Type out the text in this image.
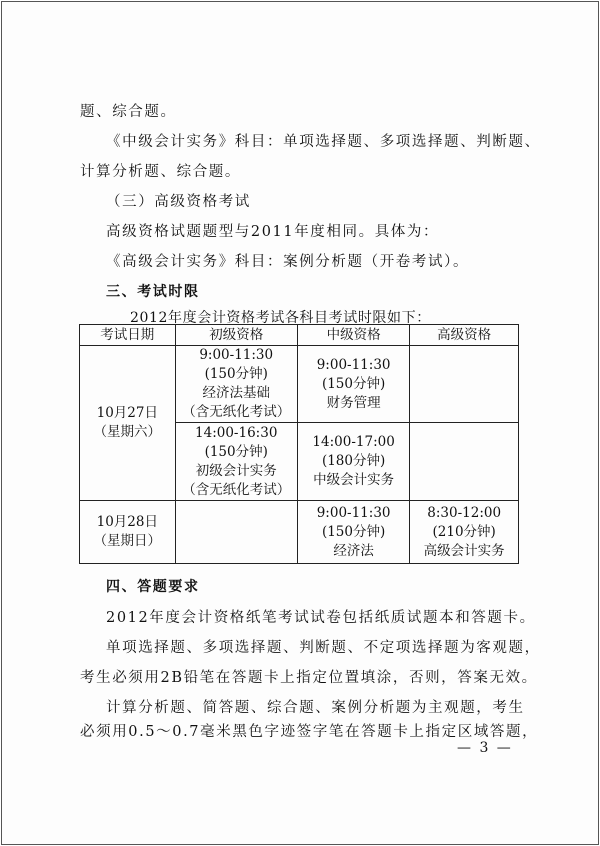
题、综合题。
《中级会计实务》科目：单项选择题、多项选择题、判断题、
计算分析题、综合题。
（三）高级资格考试
高级资格试题题型与2011年度相同。具体为：
《高级会计实务》科目：案例分析题（开卷考试）。
三、考试时限
2012年度会计资格考试各科目考试时限如下：
考试日期	初级资格	中级资格	高级资格

10月27日
（星期六）	9:00-11:30
(150分钟)
经济法基础
（含无纸化考试）	9:00-11:30
(150分钟)
财务管理	

	14:00-16:30
(150分钟)
初级会计实务
（含无纸化考试）	14:00-17:00
(180分钟)
中级会计实务	

10月28日
（星期日）		9:00-11:30
(150分钟)
经济法	8:30-12:00
(210分钟)
高级会计实务
四、答题要求
2012年度会计资格纸笔考试试卷包括纸质试题本和答题卡。
单项选择题、多项选择题、判断题、不定项选择题为客观题，
考生必须用2B铅笔在答题卡上指定位置填涂，否则，答案无效。
计算分析题、简答题、综合题、案例分析题为主观题，考生
必须用0.5～0.7毫米黑色字迹签字笔在答题卡上指定区域答题，
— 3 —
